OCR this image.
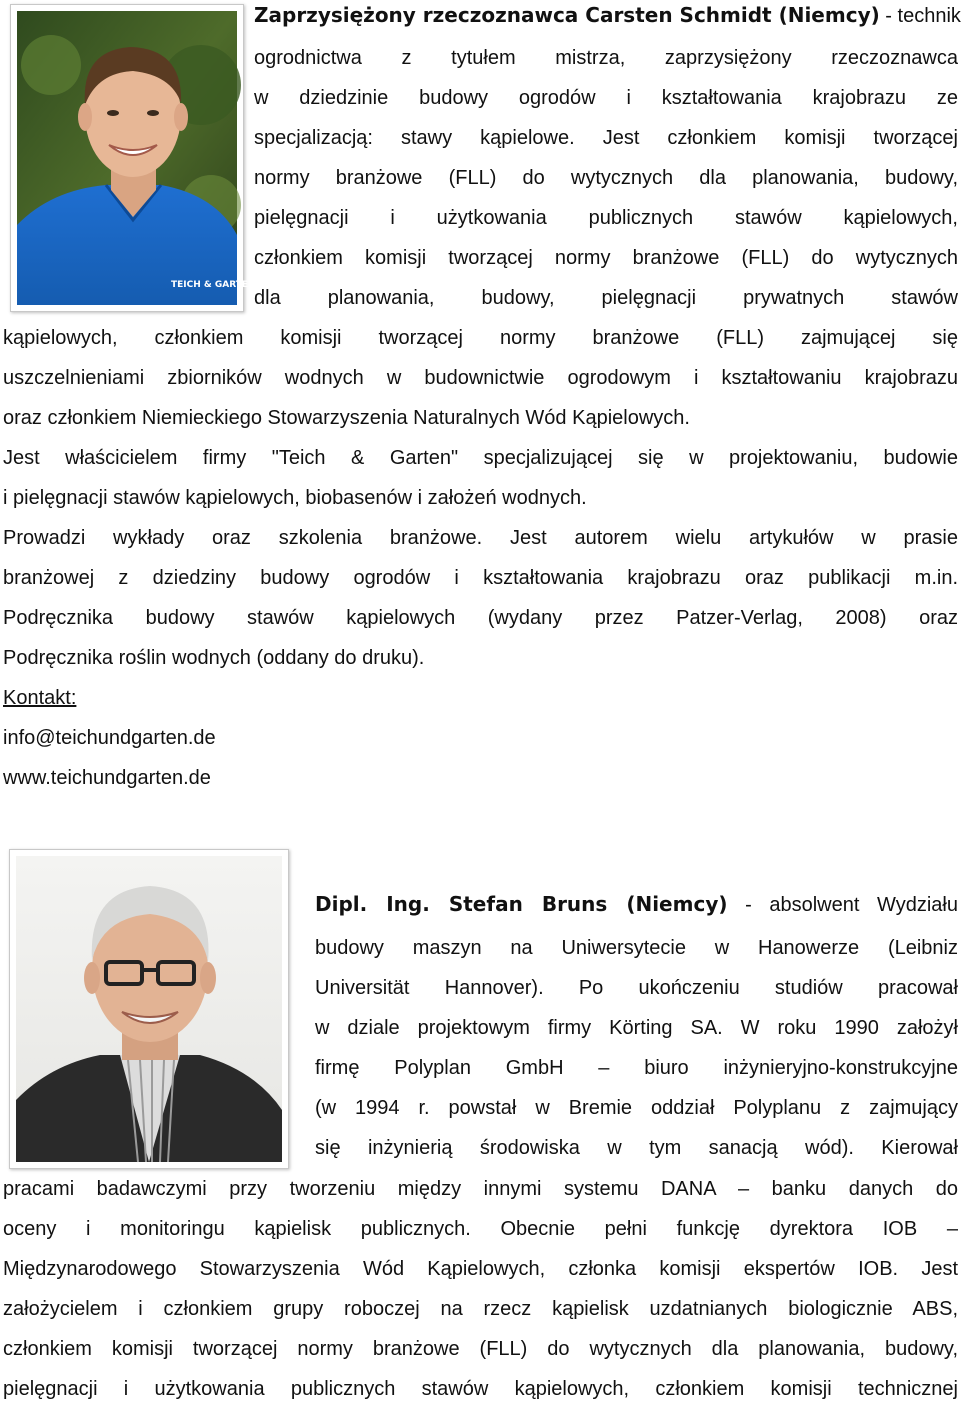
TEICH & GARTEN
Zaprzysiężony rzeczoznawca Carsten Schmidt (Niemcy) - technik
ogrodnictwa z tytułem mistrza, zaprzysiężony rzeczoznawca
w dziedzinie budowy ogrodów i kształtowania krajobrazu ze
specjalizacją: stawy kąpielowe. Jest członkiem komisji tworzącej
normy branżowe (FLL) do wytycznych dla planowania, budowy,
pielęgnacji i użytkowania publicznych stawów kąpielowych,
członkiem komisji tworzącej normy branżowe (FLL) do wytycznych
dla planowania, budowy, pielęgnacji prywatnych stawów
kąpielowych, członkiem komisji tworzącej normy branżowe (FLL) zajmującej się
uszczelnieniami zbiorników wodnych w budownictwie ogrodowym i kształtowaniu krajobrazu
oraz członkiem Niemieckiego Stowarzyszenia Naturalnych Wód Kąpielowych.
Jest właścicielem firmy "Teich & Garten" specjalizującej się w projektowaniu, budowie
i pielęgnacji stawów kąpielowych, biobasenów i założeń wodnych.
Prowadzi wykłady oraz szkolenia branżowe. Jest autorem wielu artykułów w prasie
branżowej z dziedziny budowy ogrodów i kształtowania krajobrazu oraz publikacji m.in.
Podręcznika budowy stawów kąpielowych (wydany przez Patzer-Verlag, 2008) oraz
Podręcznika roślin wodnych (oddany do druku).
Kontakt:
info@teichundgarten.de
www.teichundgarten.de
Dipl. Ing. Stefan Bruns (Niemcy) - absolwent Wydziału
budowy maszyn na Uniwersytecie w Hanowerze (Leibniz
Universität Hannover). Po ukończeniu studiów pracował
w dziale projektowym firmy Körting SA. W roku 1990 założył
firmę Polyplan GmbH – biuro inżynieryjno-konstrukcyjne
(w 1994 r. powstał w Bremie oddział Polyplanu z zajmujący
się inżynierią środowiska w tym sanacją wód). Kierował
pracami badawczymi przy tworzeniu między innymi systemu DANA – banku danych do
oceny i monitoringu kąpielisk publicznych. Obecnie pełni funkcję dyrektora IOB –
Międzynarodowego Stowarzyszenia Wód Kąpielowych, członka komisji ekspertów IOB. Jest
założycielem i członkiem grupy roboczej na rzecz kąpielisk uzdatnianych biologicznie ABS,
członkiem komisji tworzącej normy branżowe (FLL) do wytycznych dla planowania, budowy,
pielęgnacji i użytkowania publicznych stawów kąpielowych, członkiem komisji technicznej
